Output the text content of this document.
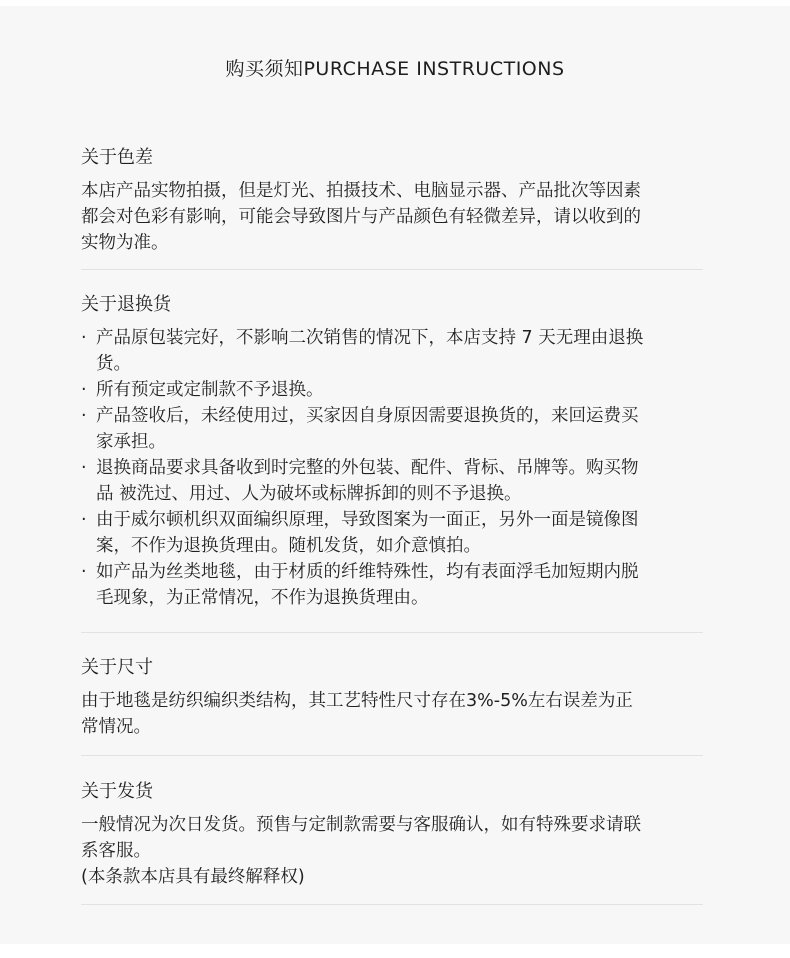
购买须知PURCHASE INSTRUCTIONS
关于色差

本店产品实物拍摄，但是灯光、拍摄技术、电脑显示器、产品批次等因素

都会对色彩有影响，可能会导致图片与产品颜色有轻微差异，请以收到的

实物为准。

关于退换货
· 产品原包装完好，不影响二次销售的情况下，本店支持 7 天无理由退换
货。
· 所有预定或定制款不予退换。
· 产品签收后，未经使用过，买家因自身原因需要退换货的，来回运费买
家承担。
· 退换商品要求具备收到时完整的外包装、配件、背标、吊牌等。购买物
品 被洗过、用过、人为破坏或标牌拆卸的则不予退换。
· 由于威尔顿机织双面编织原理，导致图案为一面正，另外一面是镜像图
案，不作为退换货理由。随机发货，如介意慎拍。
· 如产品为丝类地毯，由于材质的纤维特殊性，均有表面浮毛加短期内脱
毛现象，为正常情况，不作为退换货理由。
关于尺寸

由于地毯是纺织编织类结构，其工艺特性尺寸存在3%-5%左右误差为正

常情况。

关于发货

一般情况为次日发货。预售与定制款需要与客服确认，如有特殊要求请联

系客服。

(本条款本店具有最终解释权)
